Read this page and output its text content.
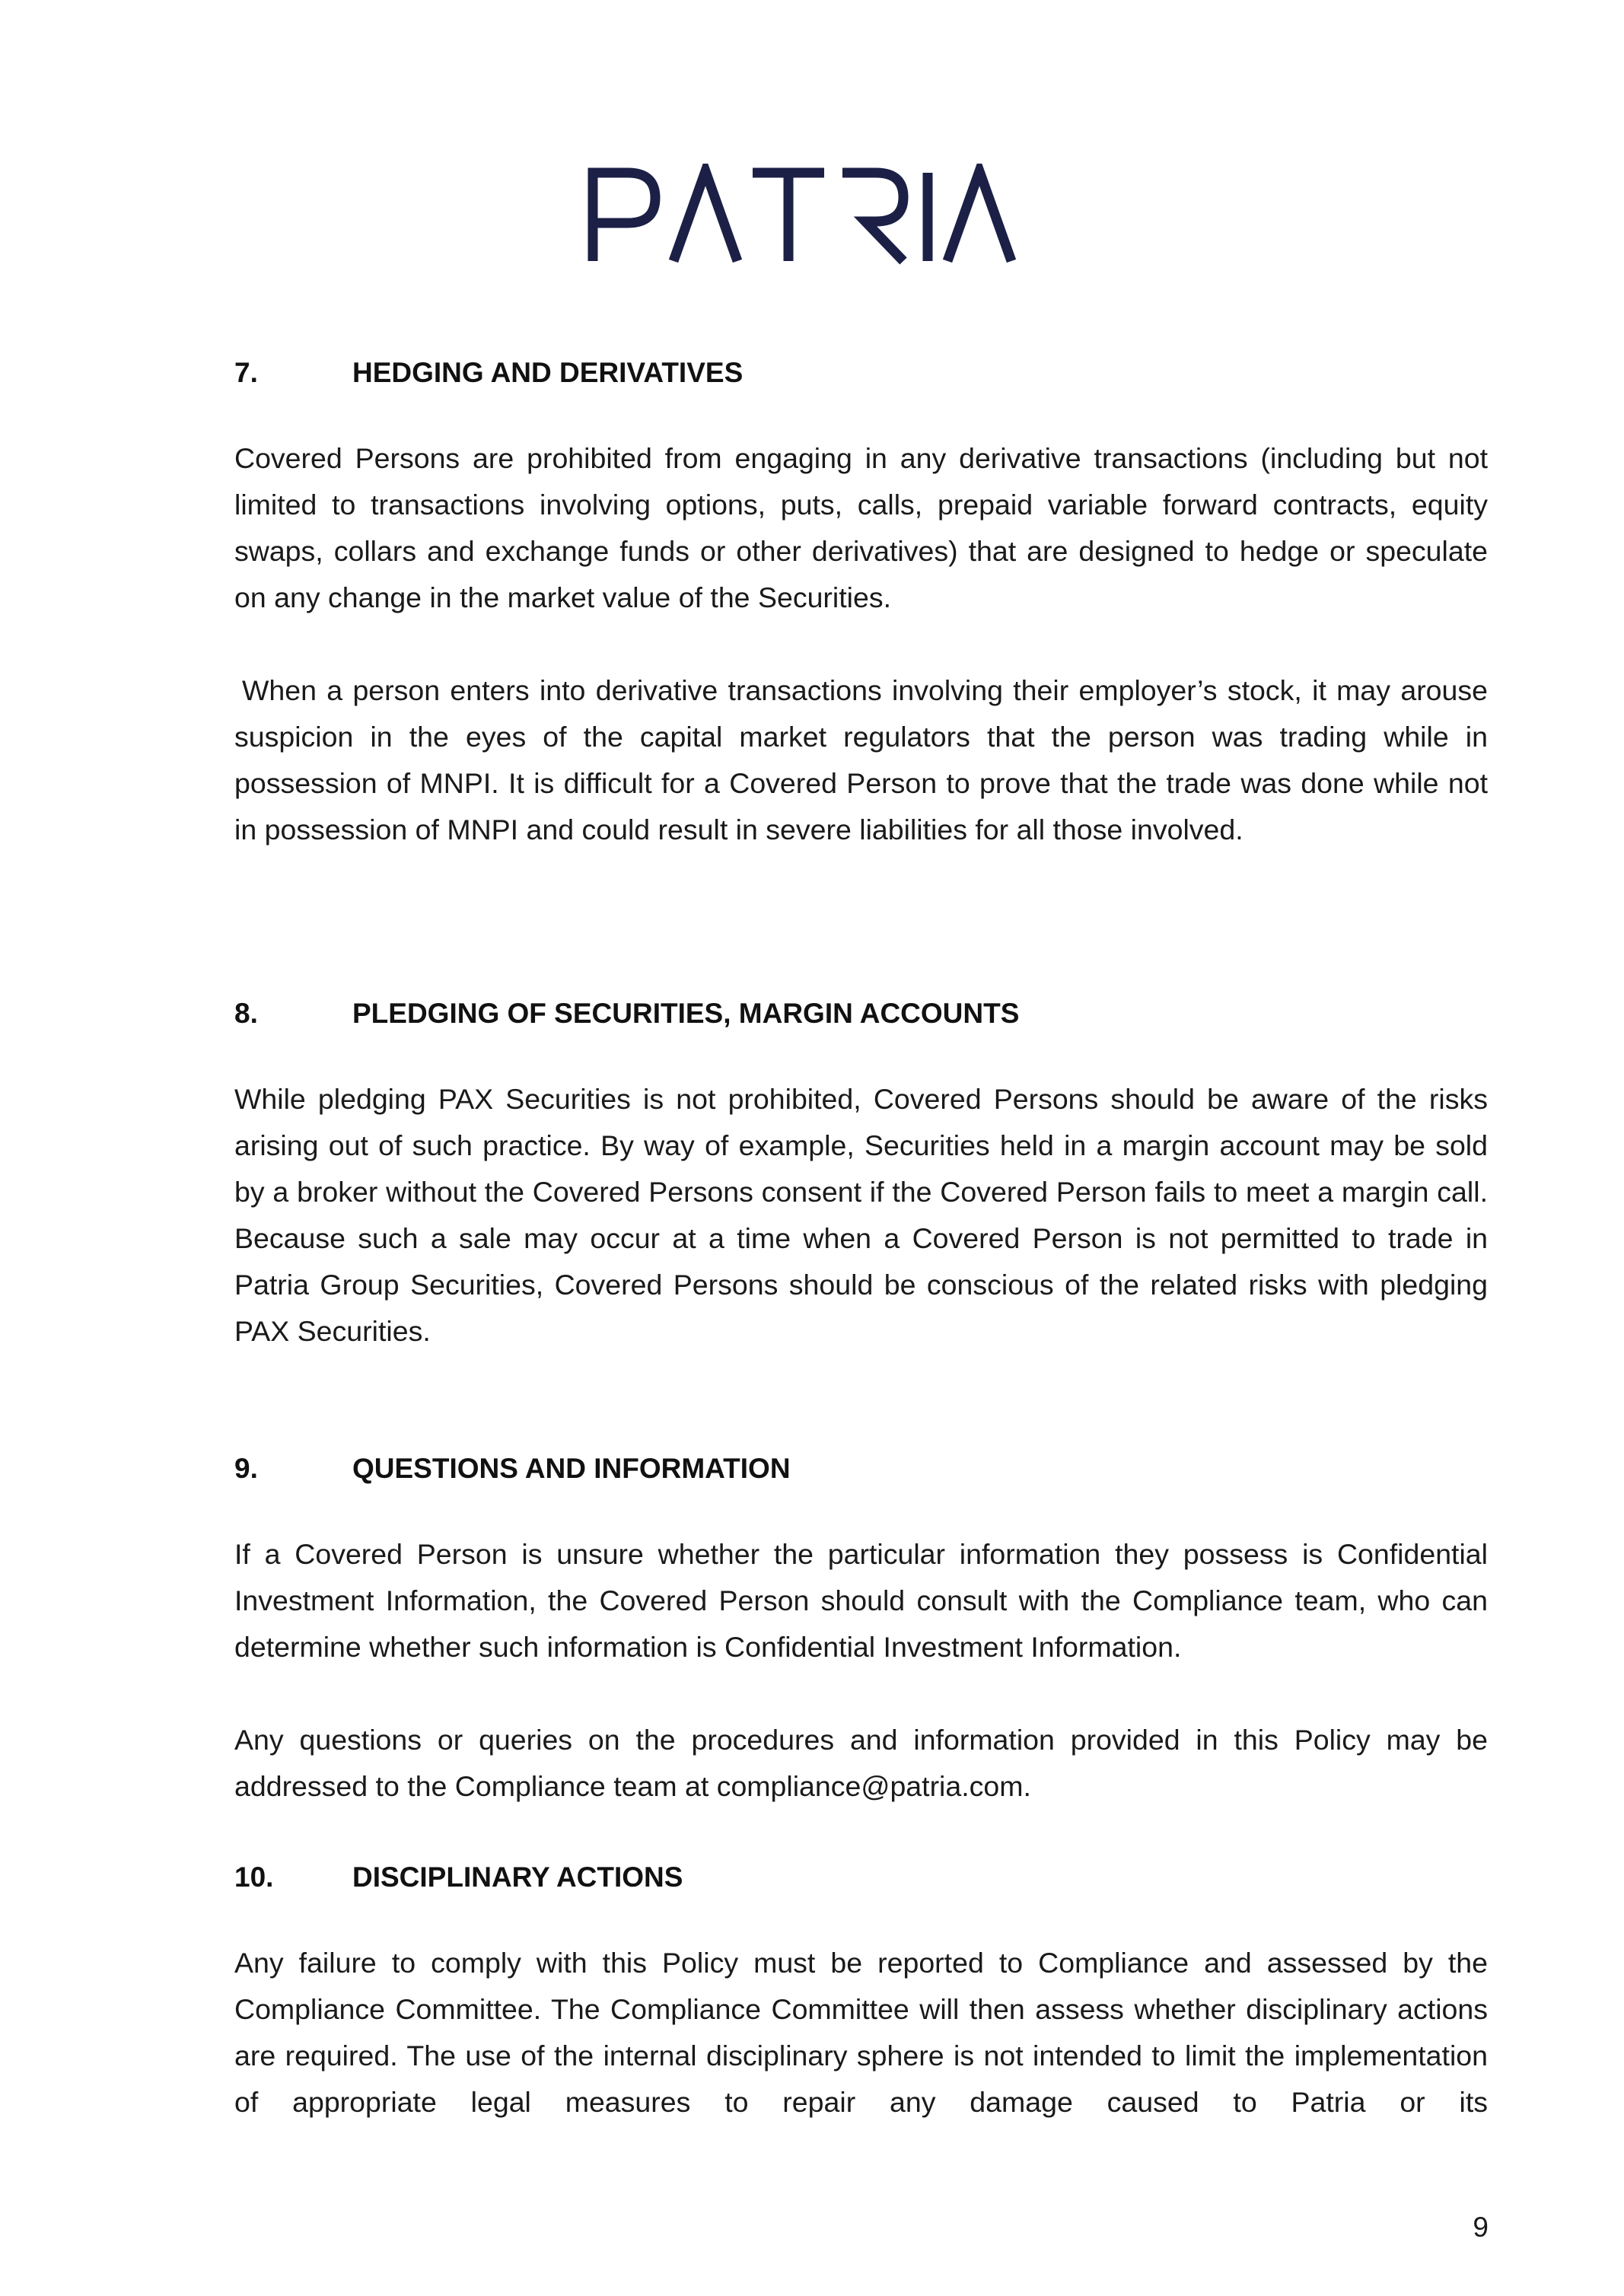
7.	HEDGING AND DERIVATIVES

Covered Persons are prohibited from engaging in any derivative transactions (including but not limited to transactions involving options, puts, calls, prepaid variable forward contracts, equity swaps, collars and exchange funds or other derivatives) that are designed to hedge or speculate on any change in the market value of the Securities.

When a person enters into derivative transactions involving their employer’s stock, it may arouse suspicion in the eyes of the capital market regulators that the person was trading while in possession of MNPI. It is difficult for a Covered Person to prove that the trade was done while not in possession of MNPI and could result in severe liabilities for all those involved.

8.	PLEDGING OF SECURITIES, MARGIN ACCOUNTS

While pledging PAX Securities is not prohibited, Covered Persons should be aware of the risks arising out of such practice. By way of example, Securities held in a margin account may be sold by a broker without the Covered Persons consent if the Covered Person fails to meet a margin call. Because such a sale may occur at a time when a Covered Person is not permitted to trade in Patria Group Securities, Covered Persons should be conscious of the related risks with pledging PAX Securities.

9.	QUESTIONS AND INFORMATION

If a Covered Person is unsure whether the particular information they possess is Confidential Investment Information, the Covered Person should consult with the Compliance team, who can determine whether such information is Confidential Investment Information.

Any questions or queries on the procedures and information provided in this Policy may be addressed to the Compliance team at compliance@patria.com.

10.	DISCIPLINARY ACTIONS

Any failure to comply with this Policy must be reported to Compliance and assessed by the Compliance Committee. The Compliance Committee will then assess whether disciplinary actions are required. The use of the internal disciplinary sphere is not intended to limit the implementation of appropriate legal measures to repair any damage caused to Patria or its

9
